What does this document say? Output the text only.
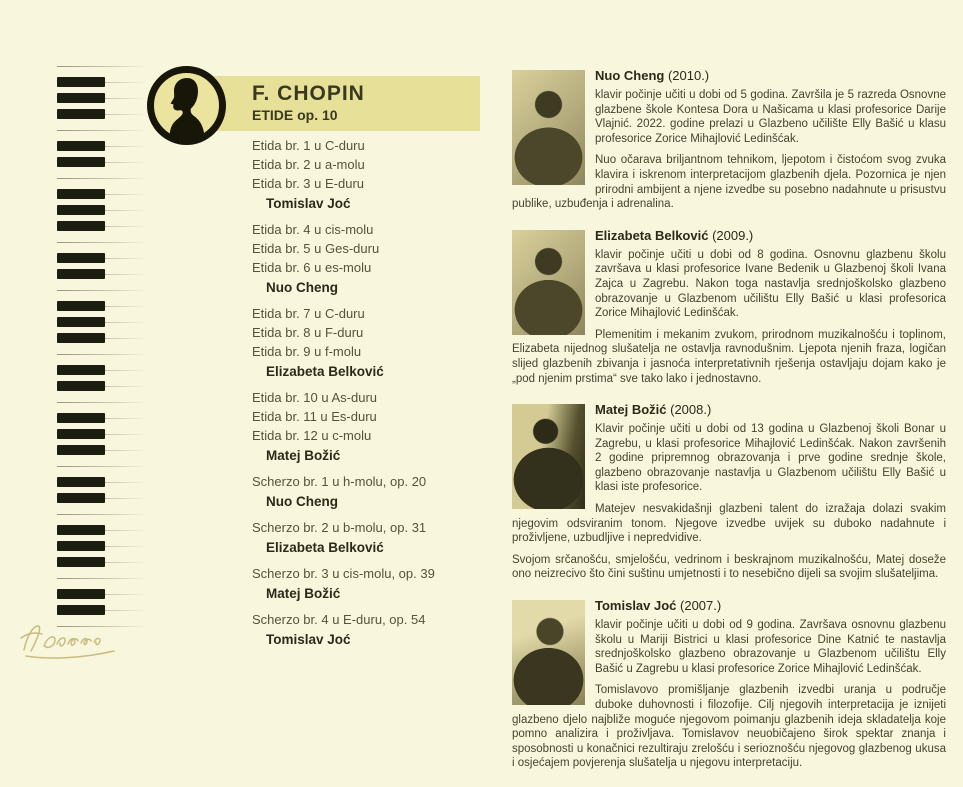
F. CHOPIN
ETIDE op. 10
Etida br. 1 u C-duru
Etida br. 2 u a-molu
Etida br. 3 u E-duru
Tomislav Joć
Etida br. 4 u cis-molu
Etida br. 5 u Ges-duru
Etida br. 6 u es-molu
Nuo Cheng
Etida br. 7 u C-duru
Etida br. 8 u F-duru
Etida br. 9 u f-molu
Elizabeta Belković
Etida br. 10 u As-duru
Etida br. 11 u Es-duru
Etida br. 12 u c-molu
Matej Božić
Scherzo br. 1 u h-molu, op. 20
Nuo Cheng
Scherzo br. 2 u b-molu, op. 31
Elizabeta Belković
Scherzo br. 3 u cis-molu, op. 39
Matej Božić
Scherzo br. 4 u E-duru, op. 54
Tomislav Joć
Nuo Cheng (2010.)

klavir počinje učiti u dobi od 5 godina. Završila je 5 razreda Osnovne glazbene škole Kontesa Dora u Našicama u klasi profesorice Darije Vlajnić. 2022. godine prelazi u Glazbeno učilište Elly Bašić u klasu profesorice Zorice Mihajlović Ledinšćak.

Nuo očarava briljantnom tehnikom, ljepotom i čistoćom svog zvuka klavira i iskrenom interpretacijom glazbenih djela. Pozornica je njen prirodni ambijent a njene izvedbe su posebno nadahnute u prisustvu publike, uzbuđenja i adrenalina.

Elizabeta Belković (2009.)

klavir počinje učiti u dobi od 8 godina. Osnovnu glazbenu školu završava u klasi profesorice Ivane Bedenik u Glazbenoj školi Ivana Zajca u Zagrebu. Nakon toga nastavlja srednjoškolsko glazbeno obrazovanje u Glazbenom učilištu Elly Bašić u klasi profesorica Zorice Mihajlović Ledinšćak.

Plemenitim i mekanim zvukom, prirodnom muzikalnošću i toplinom, Elizabeta nijednog slušatelja ne ostavlja ravnodušnim. Ljepota njenih fraza, logičan slijed glazbenih zbivanja i jasnoća interpretativnih rješenja ostavljaju dojam kako je „pod njenim prstima“ sve tako lako i jednostavno.

Matej Božić (2008.)

Klavir počinje učiti u dobi od 13 godina u Glazbenoj školi Bonar u Zagrebu, u klasi profesorice Mihajlović Ledinšćak. Nakon završenih 2 godine pripremnog obrazovanja i prve godine srednje škole, glazbeno obrazovanje nastavlja u Glazbenom učilištu Elly Bašić u klasi iste profesorice.

Matejev nesvakidašnji glazbeni talent do izražaja dolazi svakim njegovim odsviranim tonom. Njegove izvedbe uvijek su duboko nadahnute i proživljene, uzbudljive i nepredvidive.

Svojom srčanošću, smjelošću, vedrinom i beskrajnom muzikalnošću, Matej doseže ono neizrecivo što čini suštinu umjetnosti i to nesebično dijeli sa svojim slušateljima.

Tomislav Joć (2007.)

klavir počinje učiti u dobi od 9 godina. Završava osnovnu glazbenu školu u Mariji Bistrici u klasi profesorice Dine Katnić te nastavlja srednjoškolsko glazbeno obrazovanje u Glazbenom učilištu Elly Bašić u Zagrebu u klasi profesorice Zorice Mihajlović Ledinšćak.

Tomislavovo promišljanje glazbenih izvedbi uranja u područje duboke duhovnosti i filozofije. Cilj njegovih interpretacija je iznijeti glazbeno djelo najbliže moguće njegovom poimanju glazbenih ideja skladatelja koje pomno analizira i proživljava. Tomislavov neuobičajeno širok spektar znanja i sposobnosti u konačnici rezultiraju zrelošću i serioznošću njegovog glazbenog ukusa i osjećajem povjerenja slušatelja u njegovu interpretaciju.
